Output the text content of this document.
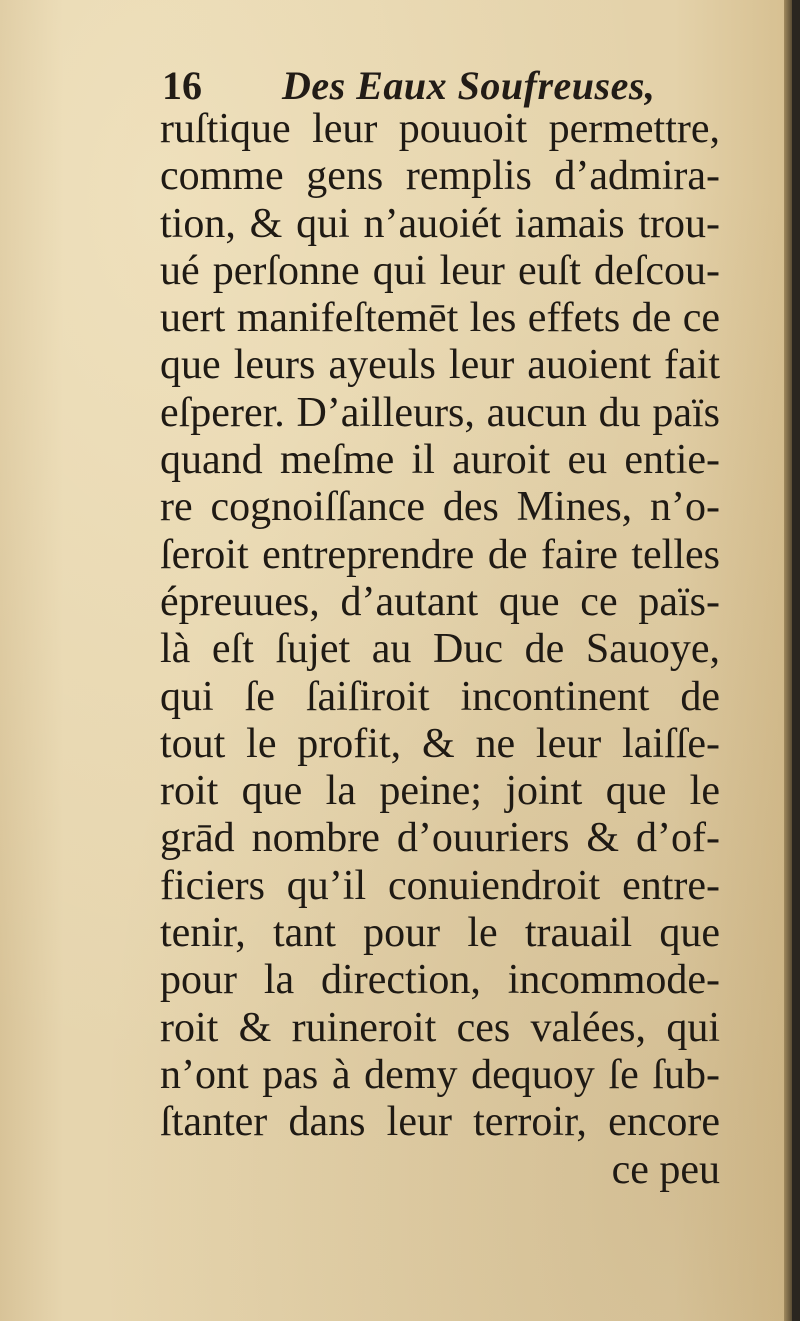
16 Des Eaux Soufreuses,
ruſtique leur pouuoit permettre,
comme gens remplis d’admira-
tion, & qui n’auoiét iamais trou-
ué perſonne qui leur euſt deſcou-
uert manifeſtemēt les effets de ce
que leurs ayeuls leur auoient fait
eſperer. D’ailleurs, aucun du païs
quand meſme il auroit eu entie-
re cognoiſſance des Mines, n’o-
ſeroit entreprendre de faire telles
épreuues, d’autant que ce païs-
là eſt ſujet au Duc de Sauoye,
qui ſe ſaiſiroit incontinent de
tout le profit, & ne leur laiſſe-
roit que la peine; joint que le
grād nombre d’ouuriers & d’of-
ficiers qu’il conuiendroit entre-
tenir, tant pour le trauail que
pour la direction, incommode-
roit & ruineroit ces valées, qui
n’ont pas à demy dequoy ſe ſub-
ſtanter dans leur terroir, encore
ce peu
